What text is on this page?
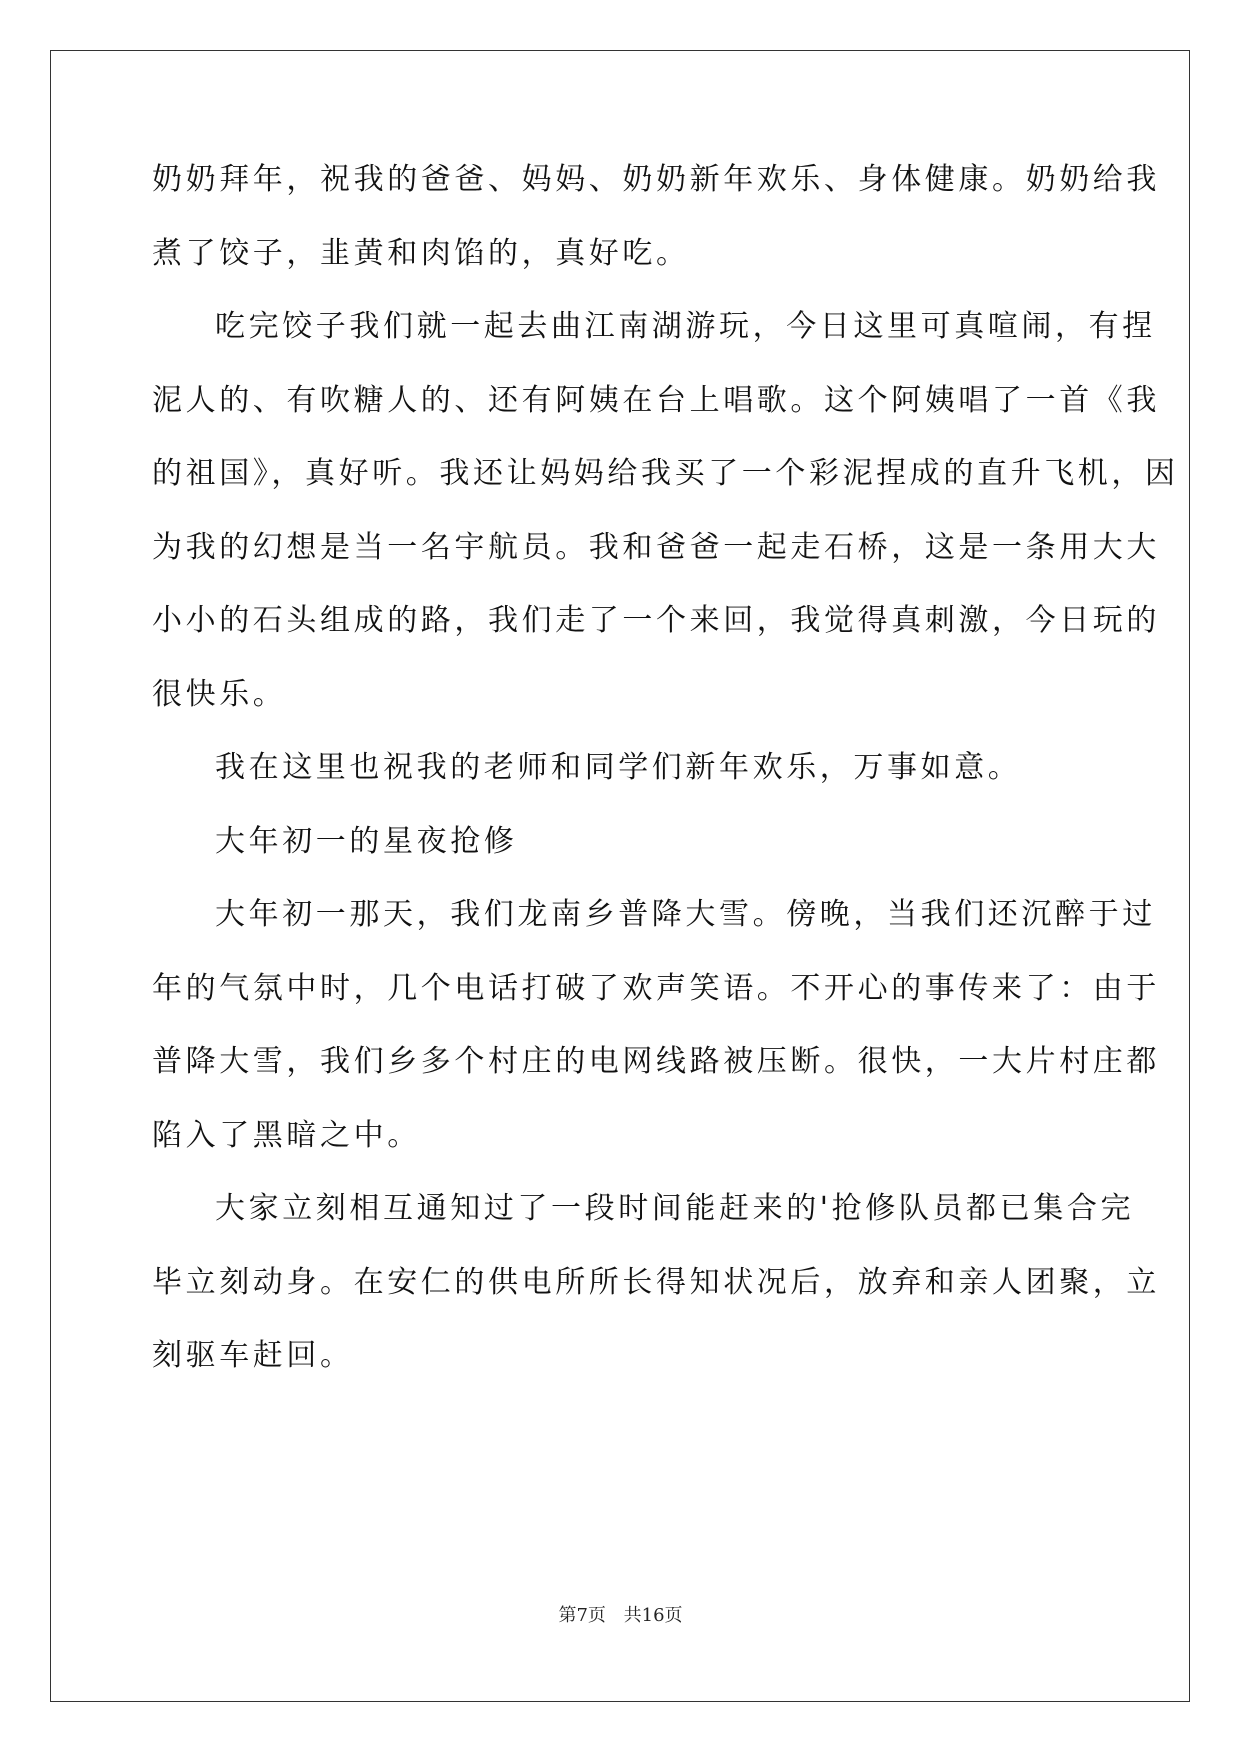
奶奶拜年，祝我的爸爸、妈妈、奶奶新年欢乐、身体健康。奶奶给我
煮了饺子，韭黄和肉馅的，真好吃。
吃完饺子我们就一起去曲江南湖游玩，今日这里可真喧闹，有捏
泥人的、有吹糖人的、还有阿姨在台上唱歌。这个阿姨唱了一首《我
的祖国》，真好听。我还让妈妈给我买了一个彩泥捏成的直升飞机，因
为我的幻想是当一名宇航员。我和爸爸一起走石桥，这是一条用大大
小小的石头组成的路，我们走了一个来回，我觉得真刺激，今日玩的
很快乐。
我在这里也祝我的老师和同学们新年欢乐，万事如意。
大年初一的星夜抢修
大年初一那天，我们龙南乡普降大雪。傍晚，当我们还沉醉于过
年的气氛中时，几个电话打破了欢声笑语。不开心的事传来了：由于
普降大雪，我们乡多个村庄的电网线路被压断。很快，一大片村庄都
陷入了黑暗之中。
大家立刻相互通知过了一段时间能赶来的'抢修队员都已集合完
毕立刻动身。在安仁的供电所所长得知状况后，放弃和亲人团聚，立
刻驱车赶回。
第7页 共16页
